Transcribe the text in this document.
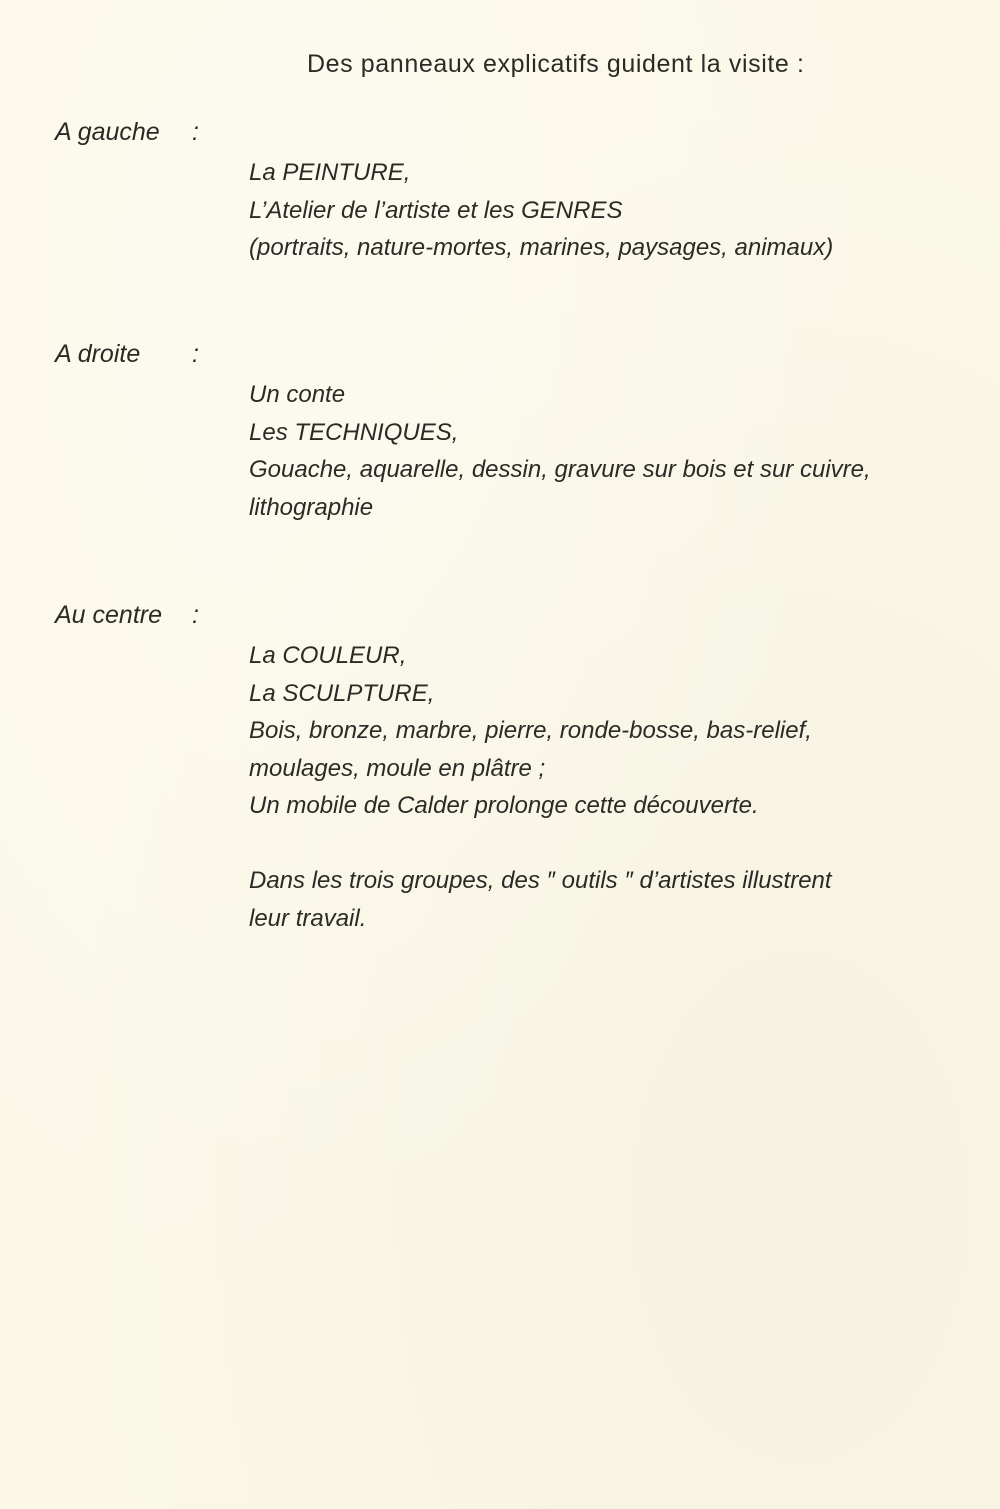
Des panneaux explicatifs guident la visite :
A gauche :
La PEINTURE,
L’Atelier de l’artiste et les GENRES
(portraits, nature-mortes, marines, paysages, animaux)
A droite :
Un conte
Les TECHNIQUES,
Gouache, aquarelle, dessin, gravure sur bois et sur cuivre,
lithographie
Au centre :
La COULEUR,
La SCULPTURE,
Bois, bronze, marbre, pierre, ronde-bosse, bas-relief,
moulages, moule en plâtre ;
Un mobile de Calder prolonge cette découverte.
Dans les trois groupes, des ″ outils ″ d’artistes illustrent
leur travail.
